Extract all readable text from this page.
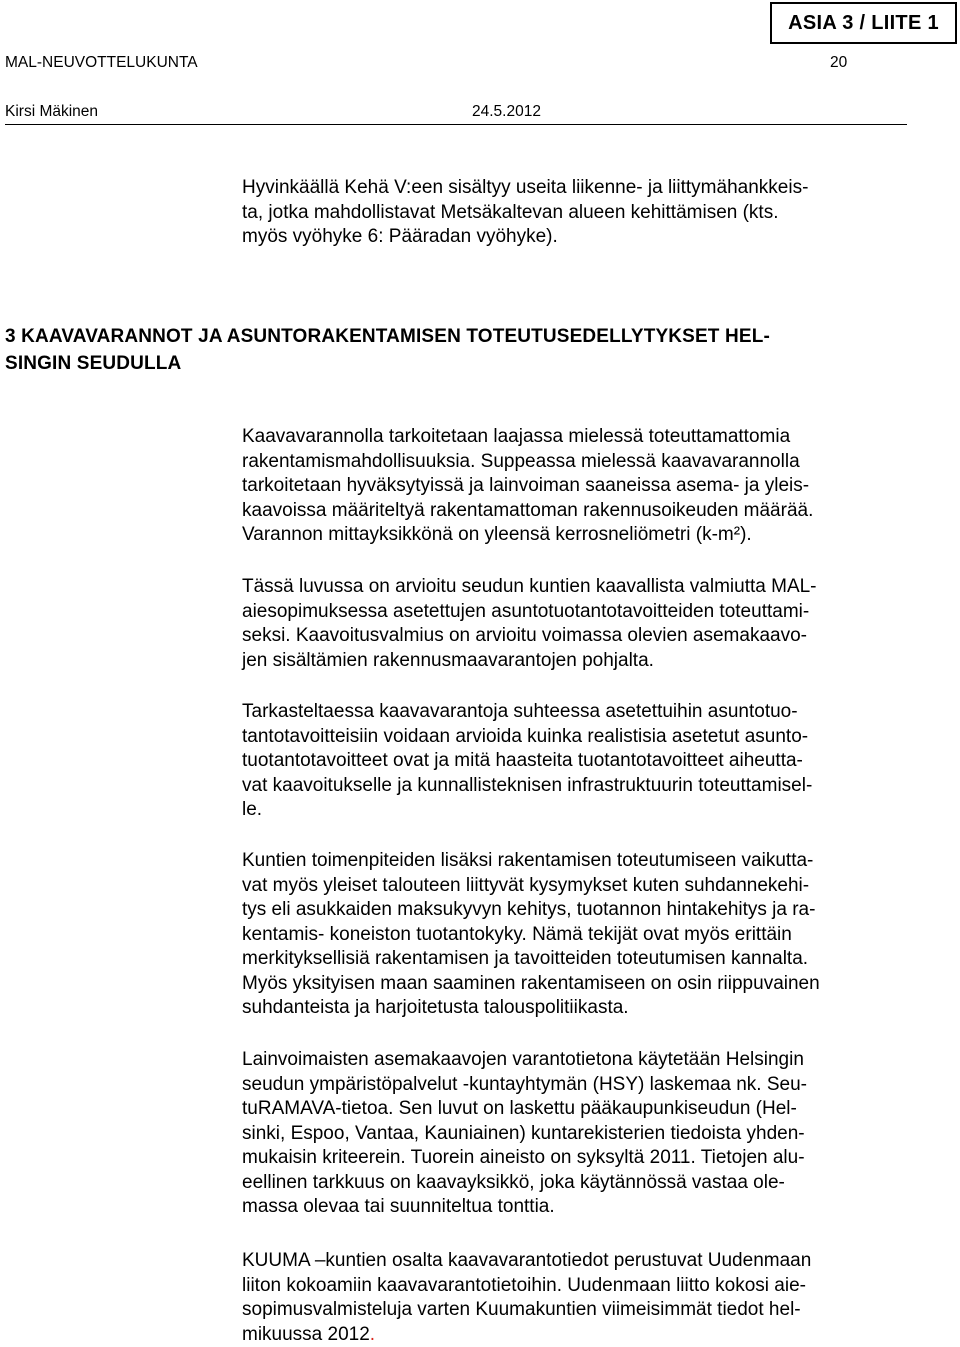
ASIA 3 / LIITE 1
MAL-NEUVOTTELUKUNTA	20
Kirsi Mäkinen	24.5.2012

Hyvinkäällä Kehä V:een sisältyy useita liikenne- ja liittymähankkeis-
ta, jotka mahdollistavat Metsäkaltevan alueen kehittämisen (kts.
myös vyöhyke 6: Pääradan vyöhyke).

3 KAAVAVARANNOT JA ASUNTORAKENTAMISEN TOTEUTUSEDELLYTYKSET HEL-
SINGIN SEUDULLA

Kaavavarannolla tarkoitetaan laajassa mielessä toteuttamattomia
rakentamismahdollisuuksia. Suppeassa mielessä kaavavarannolla
tarkoitetaan hyväksytyissä ja lainvoiman saaneissa asema- ja yleis-
kaavoissa määriteltyä rakentamattoman rakennusoikeuden määrää.
Varannon mittayksikkönä on yleensä kerrosneliömetri (k-m²).

Tässä luvussa on arvioitu seudun kuntien kaavallista valmiutta MAL-
aiesopimuksessa asetettujen asuntotuotantotavoitteiden toteuttami-
seksi. Kaavoitusvalmius on arvioitu voimassa olevien asemakaavo-
jen sisältämien rakennusmaavarantojen pohjalta.

Tarkasteltaessa kaavavarantoja suhteessa asetettuihin asuntotuo-
tantotavoitteisiin voidaan arvioida kuinka realistisia asetetut asunto-
tuotantotavoitteet ovat ja mitä haasteita tuotantotavoitteet aiheutta-
vat kaavoitukselle ja kunnallisteknisen infrastruktuurin toteuttamisel-
le.

Kuntien toimenpiteiden lisäksi rakentamisen toteutumiseen vaikutta-
vat myös yleiset talouteen liittyvät kysymykset kuten suhdannekehi-
tys eli asukkaiden maksukyvyn kehitys, tuotannon hintakehitys ja ra-
kentamis- koneiston tuotantokyky. Nämä tekijät ovat myös erittäin
merkityksellisiä rakentamisen ja tavoitteiden toteutumisen kannalta.
Myös yksityisen maan saaminen rakentamiseen on osin riippuvainen
suhdanteista ja harjoitetusta talouspolitiikasta.

Lainvoimaisten asemakaavojen varantotietona käytetään Helsingin
seudun ympäristöpalvelut -kuntayhtymän (HSY) laskemaa nk. Seu-
tuRAMAVA-tietoa. Sen luvut on laskettu pääkaupunkiseudun (Hel-
sinki, Espoo, Vantaa, Kauniainen) kuntarekisterien tiedoista yhden-
mukaisin kriteerein. Tuorein aineisto on syksyltä 2011. Tietojen alu-
eellinen tarkkuus on kaavayksikkö, joka käytännössä vastaa ole-
massa olevaa tai suunniteltua tonttia.

KUUMA –kuntien osalta kaavavarantotiedot perustuvat Uudenmaan
liiton kokoamiin kaavavarantotietoihin. Uudenmaan liitto kokosi aie-
sopimusvalmisteluja varten Kuumakuntien viimeisimmät tiedot hel-
mikuussa 2012.
